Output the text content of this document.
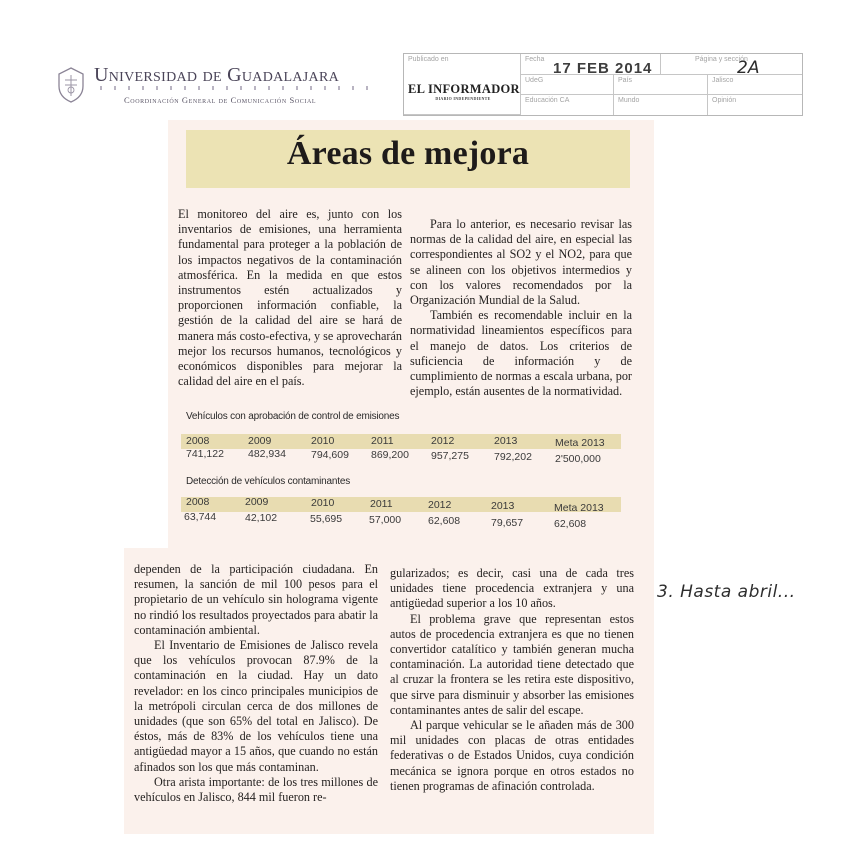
Universidad de Guadalajara
Coordinación General de Comunicación Social
Publicado en	Fecha	Página y sección
UdeG	País	Jalisco
Educación CA	Mundo	Opinión
EL INFORMADOR
DIARIO INDEPENDIENTE
17 FEB 2014	2A
Áreas de mejora

El monitoreo del aire es, junto con los inventarios de emisiones, una herramienta fundamental para proteger a la población de los impactos negativos de la contaminación atmosférica. En la medida en que estos instrumentos estén actualizados y proporcionen información confiable, la gestión de la calidad del aire se hará de manera más costo-efectiva, y se aprovecharán mejor los recursos humanos, tecnológicos y económicos disponibles para mejorar la calidad del aire en el país.

Para lo anterior, es necesario revisar las normas de la calidad del aire, en especial las correspondientes al SO2 y el NO2, para que se alineen con los objetivos intermedios y con los valores recomendados por la Organización Mundial de la Salud.

También es recomendable incluir en la normatividad lineamientos específicos para el manejo de datos. Los criterios de suficiencia de información y de cumplimiento de normas a escala urbana, por ejemplo, están ausentes de la normatividad.

Vehículos con aprobación de control de emisiones
2008	2009	2010	2011	2012	2013	Meta 2013
741,122 482,934 794,609 869,200 957,275 792,202 2'500,000
Detección de vehículos contaminantes
2008	2009	2010	2011	2012	2013	Meta 2013
63,744	42,102	55,695	57,000	62,608	79,657	62,608

dependen de la participación ciudadana. En resumen, la sanción de mil 100 pesos para el propietario de un vehículo sin holograma vigente no rindió los resultados proyectados para abatir la contaminación ambiental.

El Inventario de Emisiones de Jalisco revela que los vehículos provocan 87.9% de la contaminación en la ciudad. Hay un dato revelador: en los cinco principales municipios de la metrópoli circulan cerca de dos millones de unidades (que son 65% del total en Jalisco). De éstos, más de 83% de los vehículos tiene una antigüedad mayor a 15 años, que cuando no están afinados son los que más contaminan.

Otra arista importante: de los tres millones de vehículos en Jalisco, 844 mil fueron re-

gularizados; es decir, casi una de cada tres unidades tiene procedencia extranjera y una antigüedad superior a los 10 años.

El problema grave que representan estos autos de procedencia extranjera es que no tienen convertidor catalítico y también generan mucha contaminación. La autoridad tiene detectado que al cruzar la frontera se les retira este dispositivo, que sirve para disminuir y absorber las emisiones contaminantes antes de salir del escape.

Al parque vehicular se le añaden más de 300 mil unidades con placas de otras entidades federativas o de Estados Unidos, cuya condición mecánica se ignora porque en otros estados no tienen programas de afinación controlada.

3. Hasta abril...
